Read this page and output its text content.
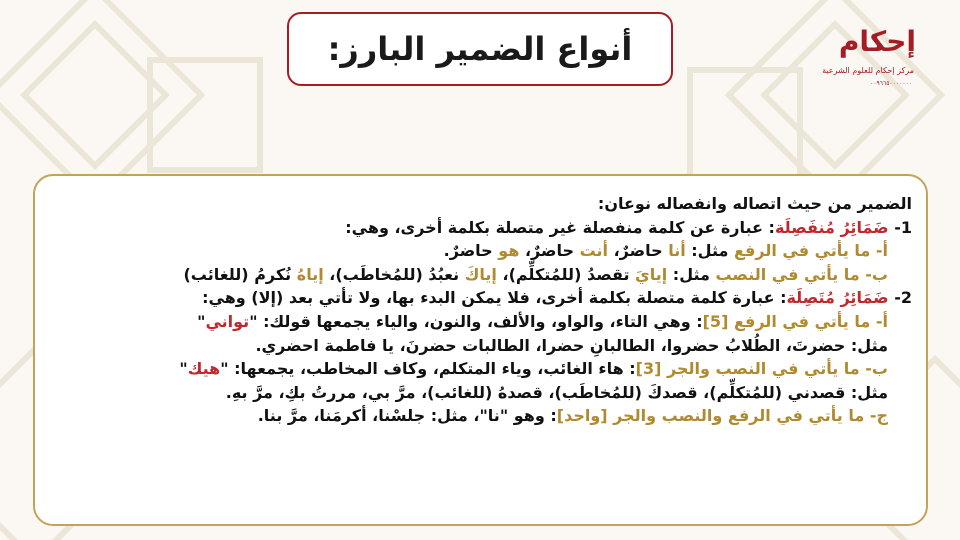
أنواع الضمير البارز:	إحكام
مركز إحكام للعلوم الشرعية
٠٠٩٦٦٥٠٠٠٠٠٠٠
الضمير من حيث اتصاله وانفصاله نوعان:
1- ضَمَائِرُ مُنفَصِلَة: عبارة عن كلمة منفصلة غير متصلة بكلمة أخرى، وهي:
أ- ما يأتي في الرفع مثل: أنا حاضرٌ، أنت حاضرٌ، هو حاضرٌ.
ب- ما يأتي في النصب مثل: إيايَ تقصدُ (للمُتكلِّم)، إياكَ نعبُدُ (للمُخاطَب)، إياهُ نُكرمُ (للغائب)
2- ضَمَائِرُ مُتَصِلَة: عبارة كلمة متصلة بكلمة أخرى، فلا يمكن البدء بها، ولا تأتي بعد (إلا) وهي:
أ- ما يأتي في الرفع [5]: وهي التاء، والواو، والألف، والنون، والياء يجمعها قولك: "تواني"
مثل: حضرتَ، الطُلابُ حضروا، الطالبانِ حضرا، الطالبات حضرنَ، يا فاطمة احضري.
ب- ما يأتي في النصب والجر [3]: هاء الغائب، وياء المتكلم، وكاف المخاطب، يجمعها: "هيك"
مثل: قصدني (للمُتكلِّم)، قصدكَ (للمُخاطَب)، قصدهُ (للغائب)، مرَّ بي، مررتُ بكِ، مرَّ بهِ.
ج- ما يأتي في الرفع والنصب والجر [واحد]: وهو "نا"، مثل: جلسْنا، أكرمَنا، مرَّ بنا.
